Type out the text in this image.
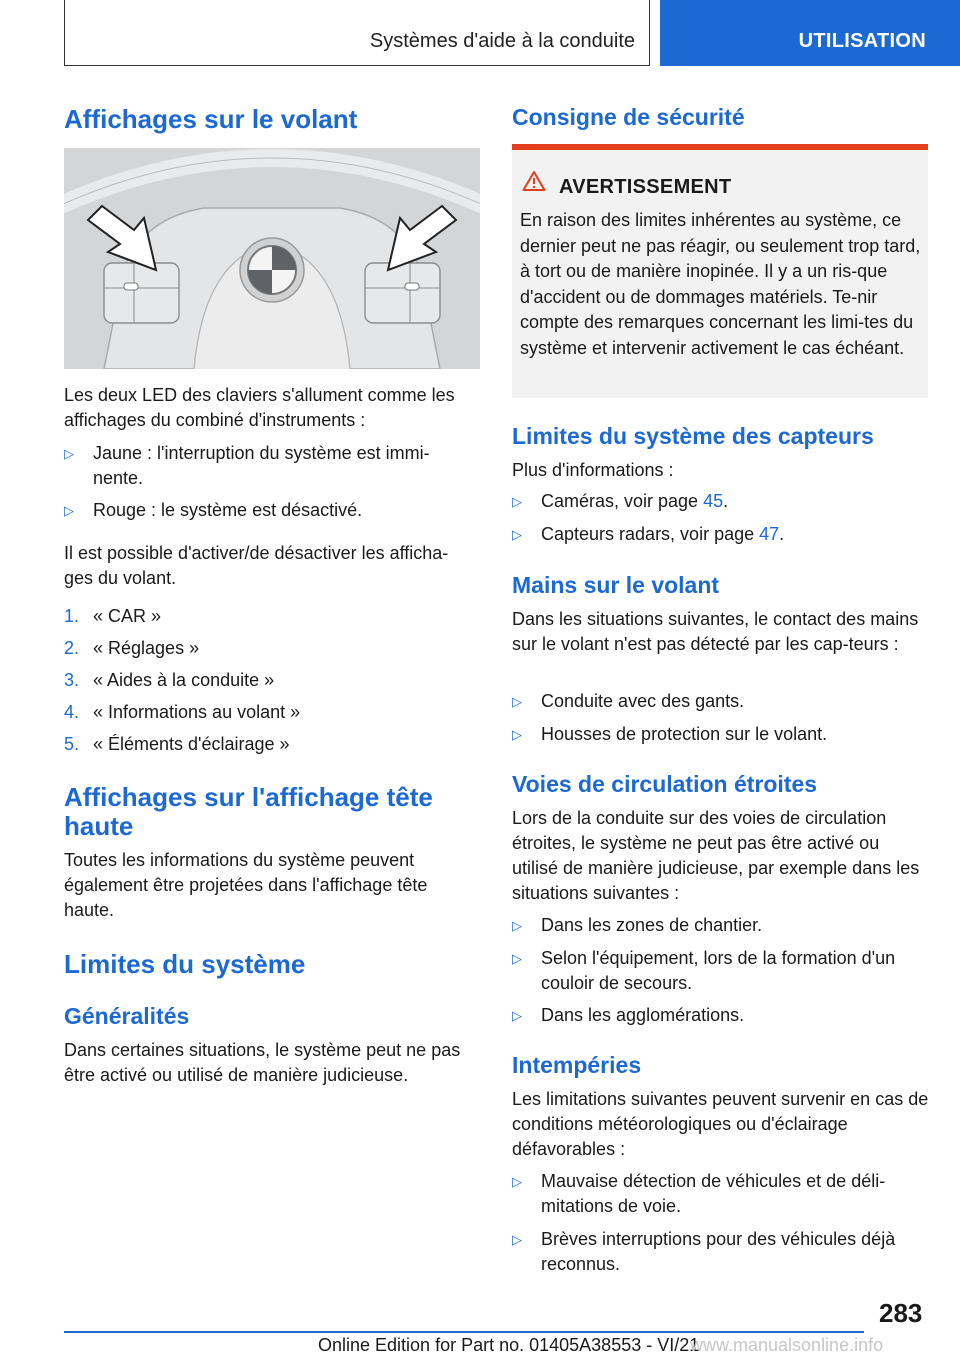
Systèmes d'aide à la conduite	UTILISATION
Affichages sur le volant
Les deux LED des claviers s'allument comme les affichages du combiné d'instruments :
▷ Jaune : l'interruption du système est immi-
nente.
▷ Rouge : le système est désactivé.
Il est possible d'activer/de désactiver les afficha-
ges du volant.
1. « CAR »
2. « Réglages »
3. « Aides à la conduite »
4. « Informations au volant »
5. « Éléments d'éclairage »
Affichages sur l'affichage tête haute
Toutes les informations du système peuvent également être projetées dans l'affichage tête haute.
Limites du système
Généralités
Dans certaines situations, le système peut ne pas être activé ou utilisé de manière judicieuse.
Consigne de sécurité
AVERTISSEMENT
En raison des limites inhérentes au système, ce dernier peut ne pas réagir, ou seulement trop tard, à tort ou de manière inopinée. Il y a un ris-que d'accident ou de dommages matériels. Te-nir compte des remarques concernant les limi-tes du système et intervenir activement le cas échéant.
Limites du système des capteurs
Plus d'informations :
▷ Caméras, voir page 45.
▷ Capteurs radars, voir page 47.
Mains sur le volant
Dans les situations suivantes, le contact des mains sur le volant n'est pas détecté par les cap-teurs :
▷ Conduite avec des gants.
▷ Housses de protection sur le volant.
Voies de circulation étroites
Lors de la conduite sur des voies de circulation étroites, le système ne peut pas être activé ou utilisé de manière judicieuse, par exemple dans les situations suivantes :
▷ Dans les zones de chantier.
▷ Selon l'équipement, lors de la formation d'un couloir de secours.
▷ Dans les agglomérations.
Intempéries
Les limitations suivantes peuvent survenir en cas de conditions météorologiques ou d'éclairage défavorables :
▷ Mauvaise détection de véhicules et de déli-mitations de voie.
▷ Brèves interruptions pour des véhicules déjà reconnus.
283
Online Edition for Part no. 01405A38553 - VI/21
www.manualsonline.info
